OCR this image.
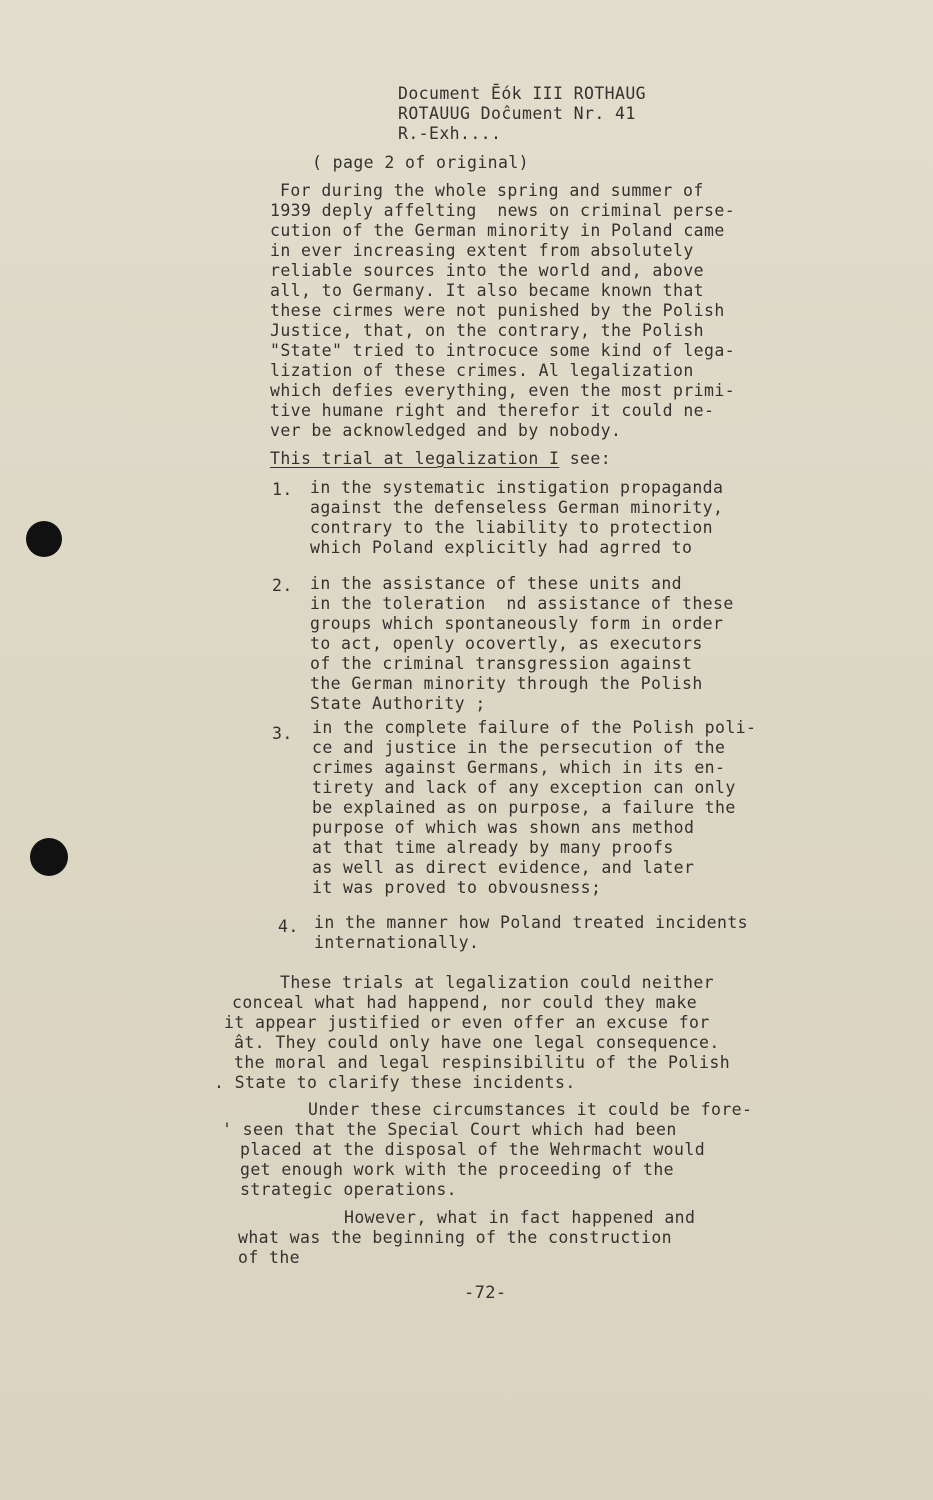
Document Ḗok III ROTHAUG
ROTAUUG Doĉument Nr. 41
R.-Exh....
( page 2 of original)
For during the whole spring and summer of
1939 deply affelting  news on criminal perse-
cution of the German minority in Poland came
in ever increasing extent from absolutely
reliable sources into the world and, above
all, to Germany. It also became known that
these cirmes were not punished by the Polish
Justice, that, on the contrary, the Polish
"State" tried to introcuce some kind of lega-
lization of these crimes. Al legalization
which defies everything, even the most primi-
tive humane right and therefor it could ne-
ver be acknowledged and by nobody.
This trial at legalization I see:
1. in the systematic instigation propaganda
against the defenseless German minority,
contrary to the liability to protection
which Poland explicitly had agrred to
2. in the assistance of these units and
in the toleration  nd assistance of these
groups which spontaneously form in order
to act, openly ocovertly, as executors
of the criminal transgression against
the German minority through the Polish
State Authority ;
3. in the complete failure of the Polish poli-
ce and justice in the persecution of the
crimes against Germans, which in its en-
tirety and lack of any exception can only
be explained as on purpose, a failure the
purpose of which was shown ans method
at that time already by many proofs
as well as direct evidence, and later
it was proved to obvousness;
4. in the manner how Poland treated incidents
internationally.
These trials at legalization could neither
conceal what had happend, nor could they make
it appear justified or even offer an excuse for
ât. They could only have one legal consequence.
the moral and legal respinsibilitu of the Polish
. State to clarify these incidents.
Under these circumstances it could be fore-
' seen that the Special Court which had been
placed at the disposal of the Wehrmacht would
get enough work with the proceeding of the
strategic operations.
However, what in fact happened and
what was the beginning of the construction
of the
-72-
